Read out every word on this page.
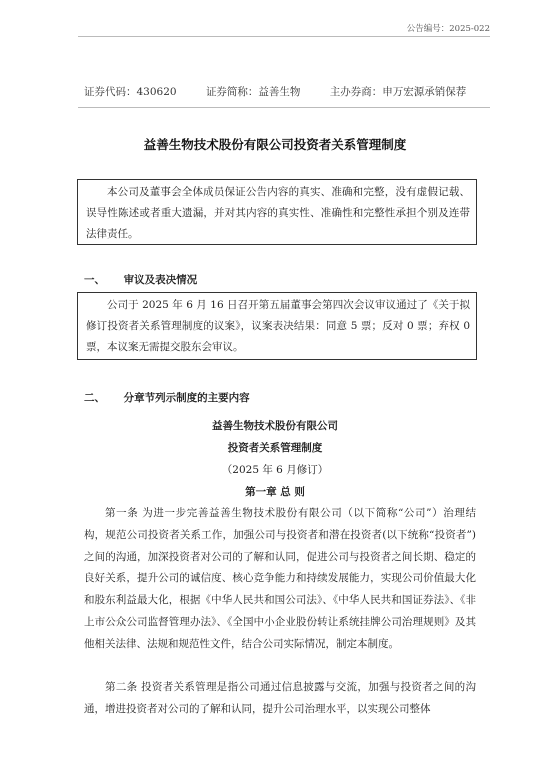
公告编号：2025-022
证券代码：430620	证券简称：益善生物	主办券商：申万宏源承销保荐
益善生物技术股份有限公司投资者关系管理制度

本公司及董事会全体成员保证公告内容的真实、准确和完整，没有虚假记载、误导性陈述或者重大遗漏，并对其内容的真实性、准确性和完整性承担个别及连带法律责任。

一、 审议及表决情况

公司于 2025 年 6 月 16 日召开第五届董事会第四次会议审议通过了《关于拟修订投资者关系管理制度的议案》，议案表决结果：同意 5 票；反对 0 票；弃权 0 票，本议案无需提交股东会审议。

二、 分章节列示制度的主要内容
益善生物技术股份有限公司
投资者关系管理制度
（2025 年 6 月修订）
第一章 总 则

第一条 为进一步完善益善生物技术股份有限公司（以下简称“公司”）治理结构，规范公司投资者关系工作，加强公司与投资者和潜在投资者(以下统称“投资者”)之间的沟通，加深投资者对公司的了解和认同，促进公司与投资者之间长期、稳定的良好关系，提升公司的诚信度、核心竞争能力和持续发展能力，实现公司价值最大化和股东利益最大化，根据《中华人民共和国公司法》、《中华人民共和国证券法》、《非上市公众公司监督管理办法》、《全国中小企业股份转让系统挂牌公司治理规则》及其他相关法律、法规和规范性文件，结合公司实际情况，制定本制度。

第二条 投资者关系管理是指公司通过信息披露与交流，加强与投资者之间的沟通，增进投资者对公司的了解和认同，提升公司治理水平，以实现公司整体
